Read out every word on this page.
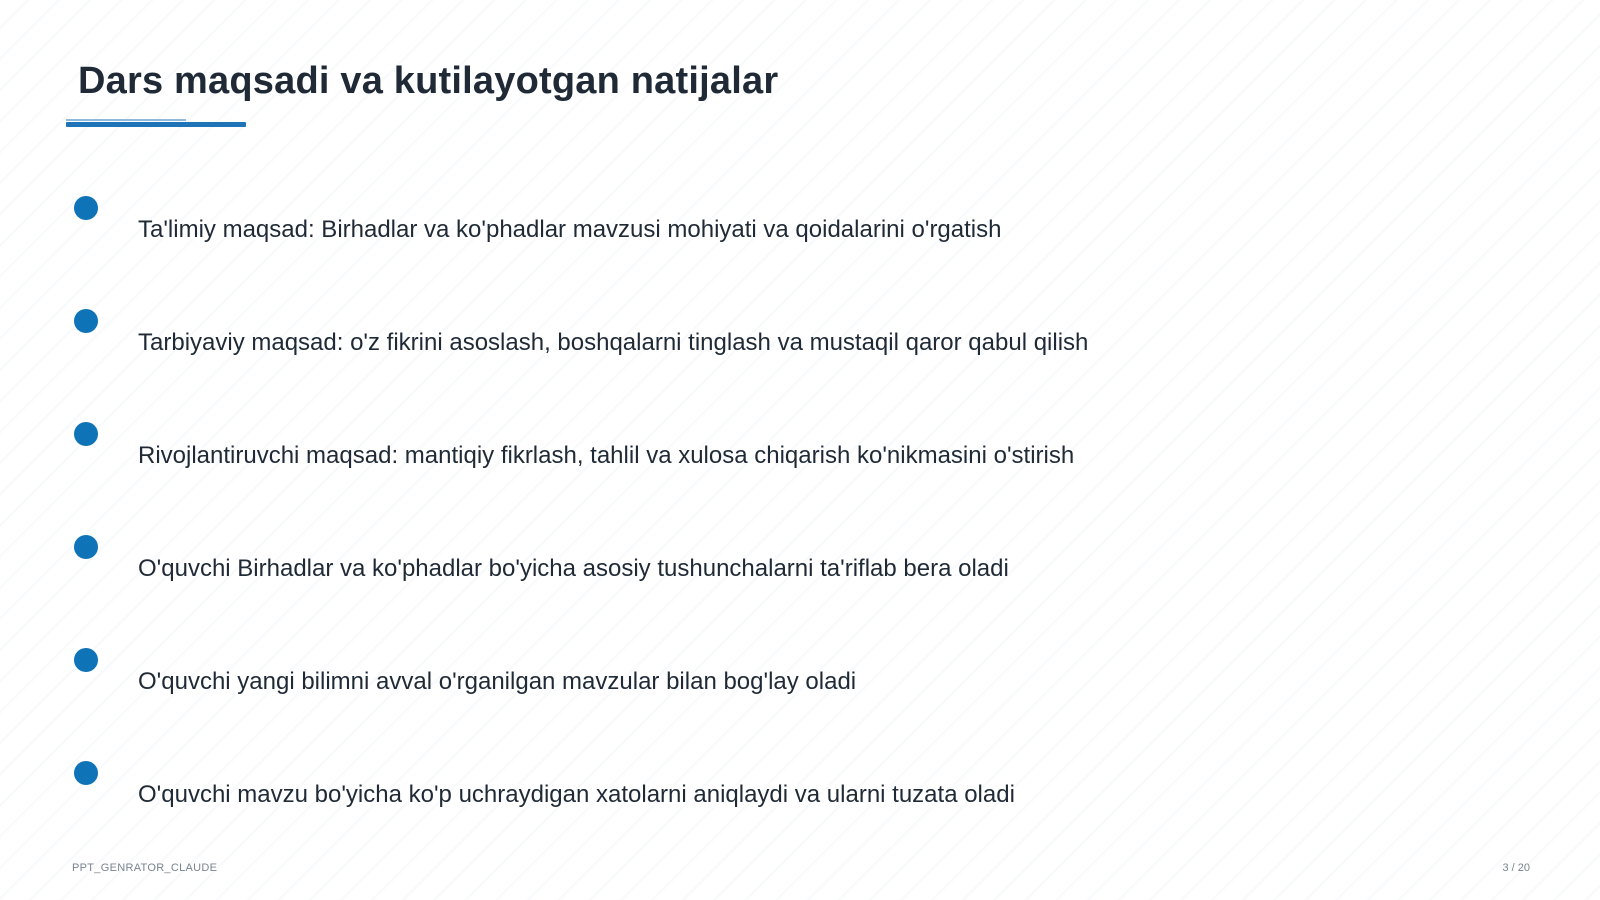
Dars maqsadi va kutilayotgan natijalar
Ta'limiy maqsad: Birhadlar va ko'phadlar mavzusi mohiyati va qoidalarini o'rgatish
Tarbiyaviy maqsad: o'z fikrini asoslash, boshqalarni tinglash va mustaqil qaror qabul qilish
Rivojlantiruvchi maqsad: mantiqiy fikrlash, tahlil va xulosa chiqarish ko'nikmasini o'stirish
O'quvchi Birhadlar va ko'phadlar bo'yicha asosiy tushunchalarni ta'riflab bera oladi
O'quvchi yangi bilimni avval o'rganilgan mavzular bilan bog'lay oladi
O'quvchi mavzu bo'yicha ko'p uchraydigan xatolarni aniqlaydi va ularni tuzata oladi
PPT_GENRATOR_CLAUDE	3 / 20
